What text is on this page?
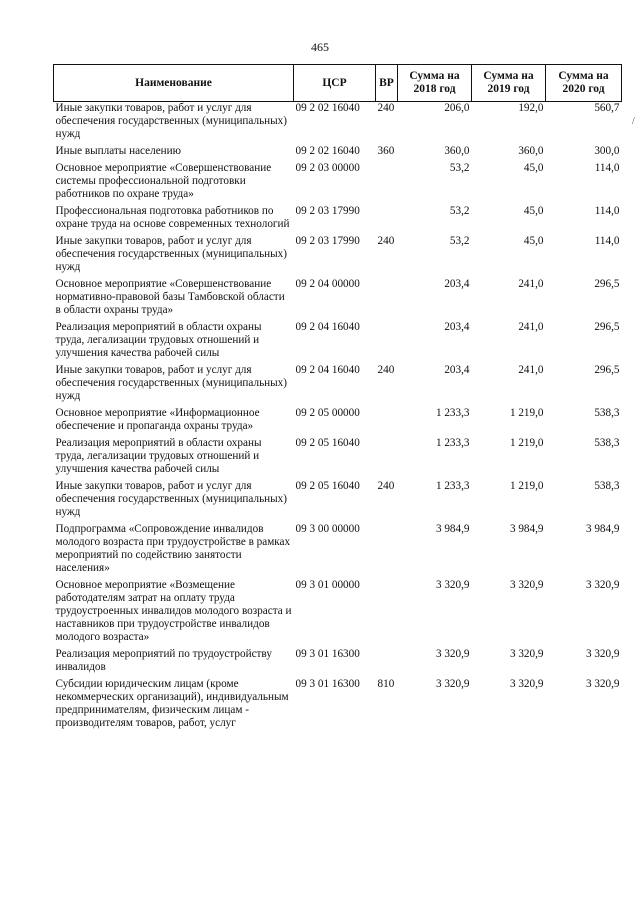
465
Наименование	ЦСР	ВР	Сумма на 2018 год	Сумма на 2019 год	Сумма на 2020 год
Иные закупки товаров, работ и услуг для обеспечения государственных (муниципальных) нужд	09 2 02 16040	240	206,0	192,0	560,7
Иные выплаты населению	09 2 02 16040	360	360,0	360,0	300,0
Основное мероприятие «Совершенствование системы профессиональной подготовки работников по охране труда»	09 2 03 00000		53,2	45,0	114,0
Профессиональная подготовка работников по охране труда на основе современных технологий	09 2 03 17990		53,2	45,0	114,0
Иные закупки товаров, работ и услуг для обеспечения государственных (муниципальных) нужд	09 2 03 17990	240	53,2	45,0	114,0
Основное мероприятие «Совершенствование нормативно-правовой базы Тамбовской области в области охраны труда»	09 2 04 00000		203,4	241,0	296,5
Реализация мероприятий в области охраны труда, легализации трудовых отношений и улучшения качества рабочей силы	09 2 04 16040		203,4	241,0	296,5
Иные закупки товаров, работ и услуг для обеспечения государственных (муниципальных) нужд	09 2 04 16040	240	203,4	241,0	296,5
Основное мероприятие «Информационное обеспечение и пропаганда охраны труда»	09 2 05 00000		1 233,3	1 219,0	538,3
Реализация мероприятий в области охраны труда, легализации трудовых отношений и улучшения качества рабочей силы	09 2 05 16040		1 233,3	1 219,0	538,3
Иные закупки товаров, работ и услуг для обеспечения государственных (муниципальных) нужд	09 2 05 16040	240	1 233,3	1 219,0	538,3
Подпрограмма «Сопровождение инвалидов молодого возраста при трудоустройстве в рамках мероприятий по содействию занятости населения»	09 3 00 00000		3 984,9	3 984,9	3 984,9
Основное мероприятие «Возмещение работодателям затрат на оплату труда трудоустроенных инвалидов молодого возраста и наставников при трудоустройстве инвалидов молодого возраста»	09 3 01 00000		3 320,9	3 320,9	3 320,9
Реализация мероприятий по трудоустройству инвалидов	09 3 01 16300		3 320,9	3 320,9	3 320,9
Субсидии юридическим лицам (кроме некоммерческих организаций), индивидуальным предпринимателям, физическим лицам - производителям товаров, работ, услуг	09 3 01 16300	810	3 320,9	3 320,9	3 320,9
/
